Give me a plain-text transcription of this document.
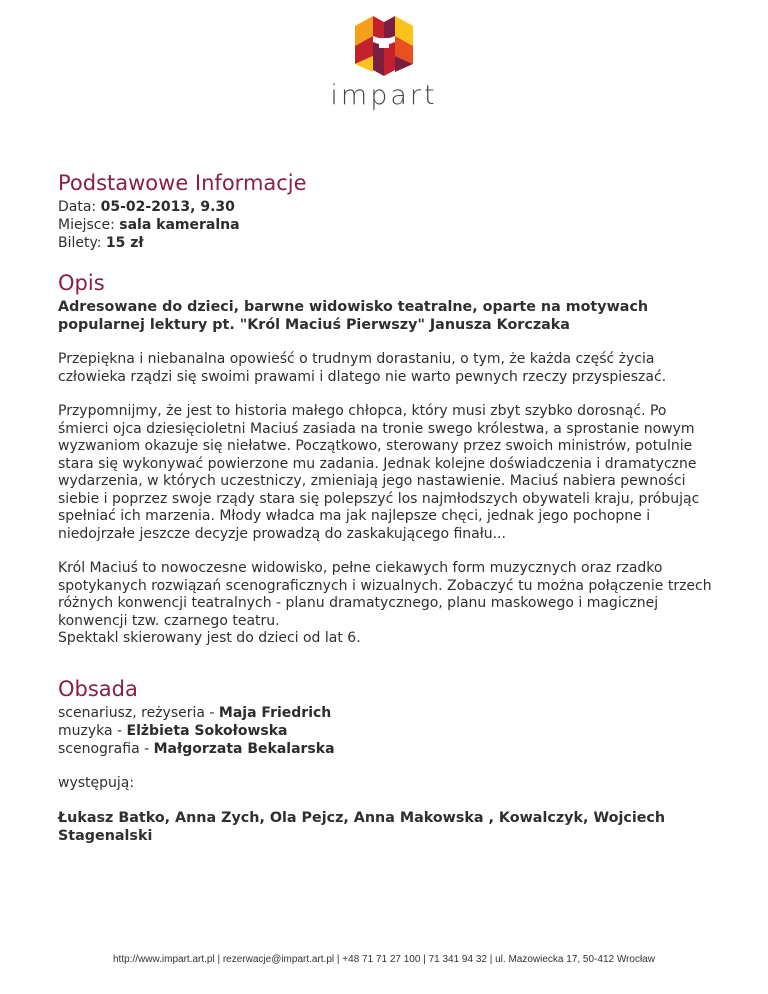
impart
Podstawowe Informacje
Data: 05-02-2013, 9.30
Miejsce: sala kameralna
Bilety: 15 zł
Opis

Adresowane do dzieci, barwne widowisko teatralne, oparte na motywach popularnej lektury pt. "Król Maciuś Pierwszy" Janusza Korczaka

Przepiękna i niebanalna opowieść o trudnym dorastaniu, o tym, że każda część życia człowieka rządzi się swoimi prawami i dlatego nie warto pewnych rzeczy przyspieszać.

Przypomnijmy, że jest to historia małego chłopca, który musi zbyt szybko dorosnąć. Po śmierci ojca dziesięcioletni Maciuś zasiada na tronie swego królestwa, a sprostanie nowym wyzwaniom okazuje się niełatwe. Początkowo, sterowany przez swoich ministrów, potulnie stara się wykonywać powierzone mu zadania. Jednak kolejne doświadczenia i dramatyczne wydarzenia, w których uczestniczy, zmieniają jego nastawienie. Maciuś nabiera pewności siebie i poprzez swoje rządy stara się polepszyć los najmłodszych obywateli kraju, próbując spełniać ich marzenia. Młody władca ma jak najlepsze chęci, jednak jego pochopne i niedojrzałe jeszcze decyzje prowadzą do zaskakującego finału...

Król Maciuś to nowoczesne widowisko, pełne ciekawych form muzycznych oraz rzadko spotykanych rozwiązań scenograficznych i wizualnych. Zobaczyć tu można połączenie trzech różnych konwencji teatralnych - planu dramatycznego, planu maskowego i magicznej konwencji tzw. czarnego teatru.

Spektakl skierowany jest do dzieci od lat 6.

Obsada
scenariusz, reżyseria - Maja Friedrich
muzyka - Elżbieta Sokołowska
scenografia - Małgorzata Bekalarska

występują:

Łukasz Batko, Anna Zych, Ola Pejcz, Anna Makowska , Kowalczyk, Wojciech Stagenalski

http://www.impart.art.pl | rezerwacje@impart.art.pl | +48 71 71 27 100 | 71 341 94 32 | ul. Mazowiecka 17, 50-412 Wrocław
